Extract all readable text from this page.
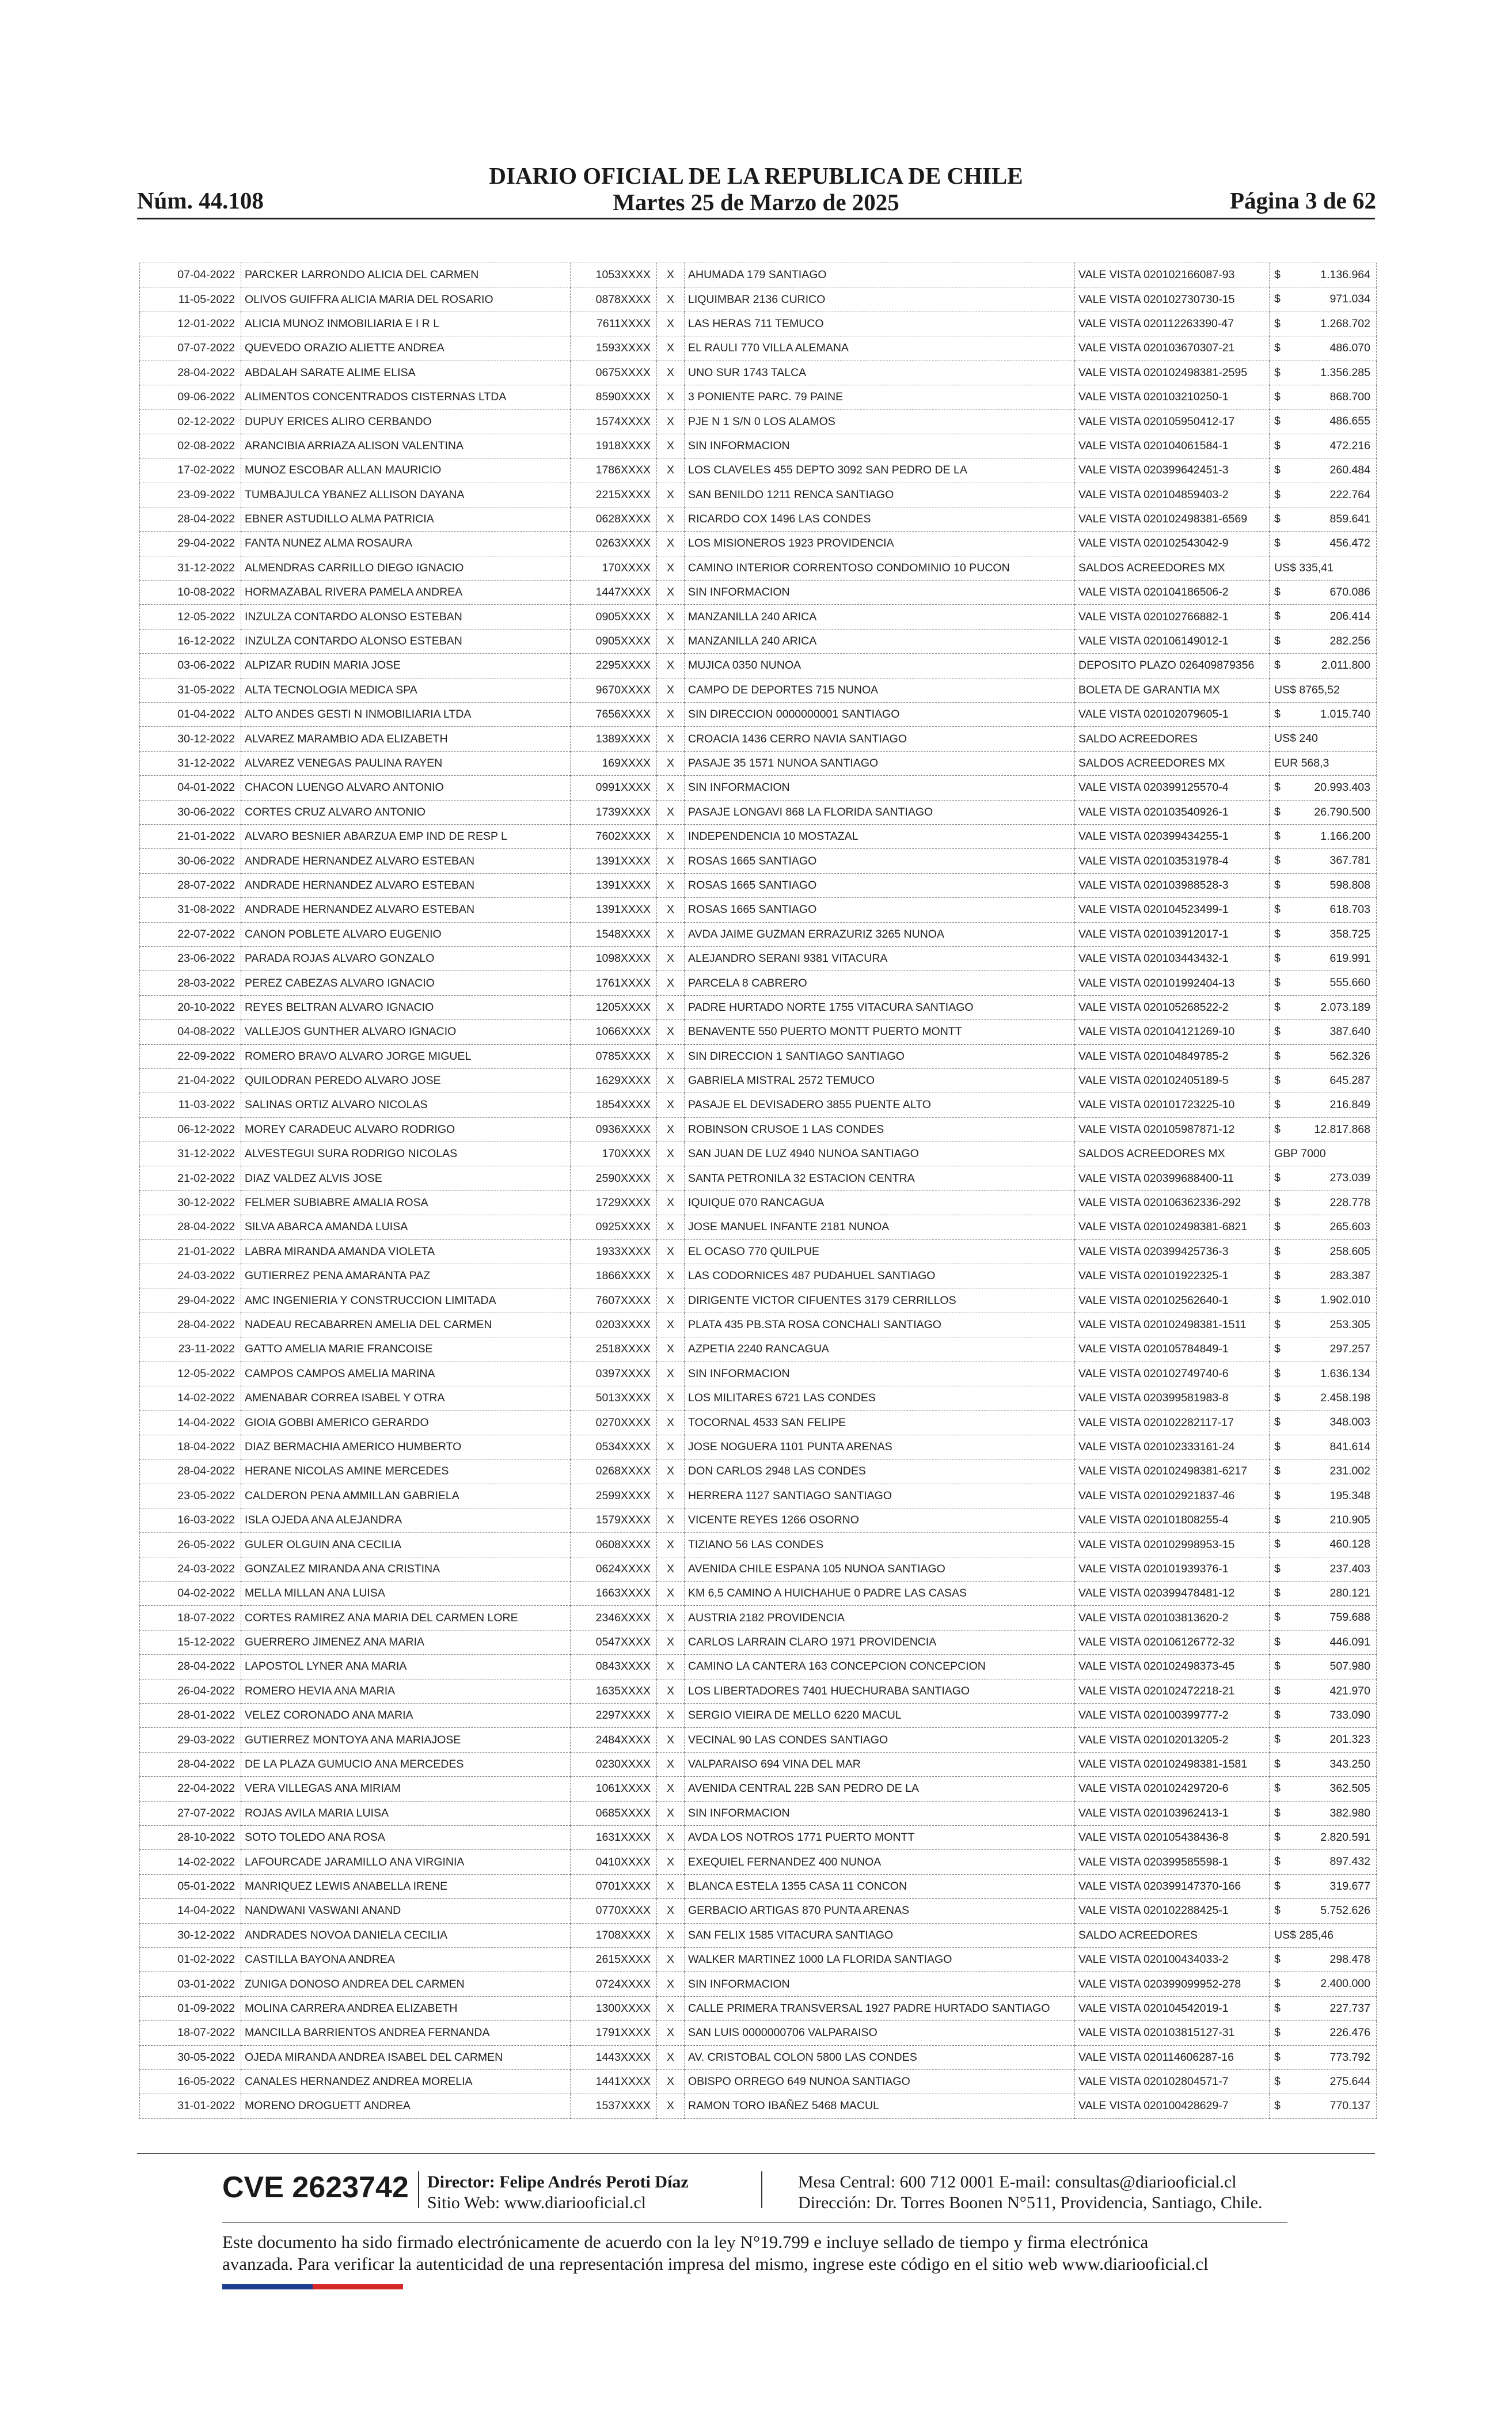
Núm. 44.108
DIARIO OFICIAL DE LA REPUBLICA DE CHILE
Martes 25 de Marzo de 2025	Página 3 de 62
07-04-2022	PARCKER LARRONDO ALICIA DEL CARMEN	1053XXXX	X	AHUMADA 179 SANTIAGO	VALE VISTA 020102166087-93	$ 1.136.964

11-05-2022	OLIVOS GUIFFRA ALICIA MARIA DEL ROSARIO	0878XXXX	X	LIQUIMBAR 2136 CURICO	VALE VISTA 020102730730-15	$ 971.034

12-01-2022	ALICIA MUNOZ INMOBILIARIA E I R L	7611XXXX	X	LAS HERAS 711 TEMUCO	VALE VISTA 020112263390-47	$ 1.268.702

07-07-2022	QUEVEDO ORAZIO ALIETTE ANDREA	1593XXXX	X	EL RAULI 770 VILLA ALEMANA	VALE VISTA 020103670307-21	$ 486.070

28-04-2022	ABDALAH SARATE ALIME ELISA	0675XXXX	X	UNO SUR 1743 TALCA	VALE VISTA 020102498381-2595	$ 1.356.285

09-06-2022	ALIMENTOS CONCENTRADOS CISTERNAS LTDA	8590XXXX	X	3 PONIENTE PARC. 79 PAINE	VALE VISTA 020103210250-1	$ 868.700

02-12-2022	DUPUY ERICES ALIRO CERBANDO	1574XXXX	X	PJE N 1 S/N 0 LOS ALAMOS	VALE VISTA 020105950412-17	$ 486.655

02-08-2022	ARANCIBIA ARRIAZA ALISON VALENTINA	1918XXXX	X	SIN INFORMACION	VALE VISTA 020104061584-1	$ 472.216

17-02-2022	MUNOZ ESCOBAR ALLAN MAURICIO	1786XXXX	X	LOS CLAVELES 455 DEPTO 3092 SAN PEDRO DE LA	VALE VISTA 020399642451-3	$ 260.484

23-09-2022	TUMBAJULCA YBANEZ ALLISON DAYANA	2215XXXX	X	SAN BENILDO 1211 RENCA SANTIAGO	VALE VISTA 020104859403-2	$ 222.764

28-04-2022	EBNER ASTUDILLO ALMA PATRICIA	0628XXXX	X	RICARDO COX 1496 LAS CONDES	VALE VISTA 020102498381-6569	$ 859.641

29-04-2022	FANTA NUNEZ ALMA ROSAURA	0263XXXX	X	LOS MISIONEROS 1923 PROVIDENCIA	VALE VISTA 020102543042-9	$ 456.472

31-12-2022	ALMENDRAS CARRILLO DIEGO IGNACIO	170XXXX	X	CAMINO INTERIOR CORRENTOSO CONDOMINIO 10 PUCON	SALDOS ACREEDORES MX	US$ 335,41

10-08-2022	HORMAZABAL RIVERA PAMELA ANDREA	1447XXXX	X	SIN INFORMACION	VALE VISTA 020104186506-2	$ 670.086

12-05-2022	INZULZA CONTARDO ALONSO ESTEBAN	0905XXXX	X	MANZANILLA 240 ARICA	VALE VISTA 020102766882-1	$ 206.414

16-12-2022	INZULZA CONTARDO ALONSO ESTEBAN	0905XXXX	X	MANZANILLA 240 ARICA	VALE VISTA 020106149012-1	$ 282.256

03-06-2022	ALPIZAR RUDIN MARIA JOSE	2295XXXX	X	MUJICA 0350 NUNOA	DEPOSITO PLAZO 026409879356	$ 2.011.800

31-05-2022	ALTA TECNOLOGIA MEDICA SPA	9670XXXX	X	CAMPO DE DEPORTES 715 NUNOA	BOLETA DE GARANTIA MX	US$ 8765,52

01-04-2022	ALTO ANDES GESTI N INMOBILIARIA LTDA	7656XXXX	X	SIN DIRECCION 0000000001 SANTIAGO	VALE VISTA 020102079605-1	$ 1.015.740

30-12-2022	ALVAREZ MARAMBIO ADA ELIZABETH	1389XXXX	X	CROACIA 1436 CERRO NAVIA SANTIAGO	SALDO ACREEDORES	US$ 240

31-12-2022	ALVAREZ VENEGAS PAULINA RAYEN	169XXXX	X	PASAJE 35 1571 NUNOA SANTIAGO	SALDOS ACREEDORES MX	EUR 568,3

04-01-2022	CHACON LUENGO ALVARO ANTONIO	0991XXXX	X	SIN INFORMACION	VALE VISTA 020399125570-4	$ 20.993.403

30-06-2022	CORTES CRUZ ALVARO ANTONIO	1739XXXX	X	PASAJE LONGAVI 868 LA FLORIDA SANTIAGO	VALE VISTA 020103540926-1	$ 26.790.500

21-01-2022	ALVARO BESNIER ABARZUA EMP IND DE RESP L	7602XXXX	X	INDEPENDENCIA 10 MOSTAZAL	VALE VISTA 020399434255-1	$ 1.166.200

30-06-2022	ANDRADE HERNANDEZ ALVARO ESTEBAN	1391XXXX	X	ROSAS 1665 SANTIAGO	VALE VISTA 020103531978-4	$ 367.781

28-07-2022	ANDRADE HERNANDEZ ALVARO ESTEBAN	1391XXXX	X	ROSAS 1665 SANTIAGO	VALE VISTA 020103988528-3	$ 598.808

31-08-2022	ANDRADE HERNANDEZ ALVARO ESTEBAN	1391XXXX	X	ROSAS 1665 SANTIAGO	VALE VISTA 020104523499-1	$ 618.703

22-07-2022	CANON POBLETE ALVARO EUGENIO	1548XXXX	X	AVDA JAIME GUZMAN ERRAZURIZ 3265 NUNOA	VALE VISTA 020103912017-1	$ 358.725

23-06-2022	PARADA ROJAS ALVARO GONZALO	1098XXXX	X	ALEJANDRO SERANI 9381 VITACURA	VALE VISTA 020103443432-1	$ 619.991

28-03-2022	PEREZ CABEZAS ALVARO IGNACIO	1761XXXX	X	PARCELA 8 CABRERO	VALE VISTA 020101992404-13	$ 555.660

20-10-2022	REYES BELTRAN ALVARO IGNACIO	1205XXXX	X	PADRE HURTADO NORTE 1755 VITACURA SANTIAGO	VALE VISTA 020105268522-2	$ 2.073.189

04-08-2022	VALLEJOS GUNTHER ALVARO IGNACIO	1066XXXX	X	BENAVENTE 550 PUERTO MONTT PUERTO MONTT	VALE VISTA 020104121269-10	$ 387.640

22-09-2022	ROMERO BRAVO ALVARO JORGE MIGUEL	0785XXXX	X	SIN DIRECCION 1 SANTIAGO SANTIAGO	VALE VISTA 020104849785-2	$ 562.326

21-04-2022	QUILODRAN PEREDO ALVARO JOSE	1629XXXX	X	GABRIELA MISTRAL 2572 TEMUCO	VALE VISTA 020102405189-5	$ 645.287

11-03-2022	SALINAS ORTIZ ALVARO NICOLAS	1854XXXX	X	PASAJE EL DEVISADERO 3855 PUENTE ALTO	VALE VISTA 020101723225-10	$ 216.849

06-12-2022	MOREY CARADEUC ALVARO RODRIGO	0936XXXX	X	ROBINSON CRUSOE 1 LAS CONDES	VALE VISTA 020105987871-12	$ 12.817.868

31-12-2022	ALVESTEGUI SURA RODRIGO NICOLAS	170XXXX	X	SAN JUAN DE LUZ 4940 NUNOA SANTIAGO	SALDOS ACREEDORES MX	GBP 7000

21-02-2022	DIAZ VALDEZ ALVIS JOSE	2590XXXX	X	SANTA PETRONILA 32 ESTACION CENTRA	VALE VISTA 020399688400-11	$ 273.039

30-12-2022	FELMER SUBIABRE AMALIA ROSA	1729XXXX	X	IQUIQUE 070 RANCAGUA	VALE VISTA 020106362336-292	$ 228.778

28-04-2022	SILVA ABARCA AMANDA LUISA	0925XXXX	X	JOSE MANUEL INFANTE 2181 NUNOA	VALE VISTA 020102498381-6821	$ 265.603

21-01-2022	LABRA MIRANDA AMANDA VIOLETA	1933XXXX	X	EL OCASO 770 QUILPUE	VALE VISTA 020399425736-3	$ 258.605

24-03-2022	GUTIERREZ PENA AMARANTA PAZ	1866XXXX	X	LAS CODORNICES 487 PUDAHUEL SANTIAGO	VALE VISTA 020101922325-1	$ 283.387

29-04-2022	AMC INGENIERIA Y CONSTRUCCION LIMITADA	7607XXXX	X	DIRIGENTE VICTOR CIFUENTES 3179 CERRILLOS	VALE VISTA 020102562640-1	$ 1.902.010

28-04-2022	NADEAU RECABARREN AMELIA DEL CARMEN	0203XXXX	X	PLATA 435 PB.STA ROSA CONCHALI SANTIAGO	VALE VISTA 020102498381-1511	$ 253.305

23-11-2022	GATTO AMELIA MARIE FRANCOISE	2518XXXX	X	AZPETIA 2240 RANCAGUA	VALE VISTA 020105784849-1	$ 297.257

12-05-2022	CAMPOS CAMPOS AMELIA MARINA	0397XXXX	X	SIN INFORMACION	VALE VISTA 020102749740-6	$ 1.636.134

14-02-2022	AMENABAR CORREA ISABEL Y OTRA	5013XXXX	X	LOS MILITARES 6721 LAS CONDES	VALE VISTA 020399581983-8	$ 2.458.198

14-04-2022	GIOIA GOBBI AMERICO GERARDO	0270XXXX	X	TOCORNAL 4533 SAN FELIPE	VALE VISTA 020102282117-17	$ 348.003

18-04-2022	DIAZ BERMACHIA AMERICO HUMBERTO	0534XXXX	X	JOSE NOGUERA 1101 PUNTA ARENAS	VALE VISTA 020102333161-24	$ 841.614

28-04-2022	HERANE NICOLAS AMINE MERCEDES	0268XXXX	X	DON CARLOS 2948 LAS CONDES	VALE VISTA 020102498381-6217	$ 231.002

23-05-2022	CALDERON PENA AMMILLAN GABRIELA	2599XXXX	X	HERRERA 1127 SANTIAGO SANTIAGO	VALE VISTA 020102921837-46	$ 195.348

16-03-2022	ISLA OJEDA ANA ALEJANDRA	1579XXXX	X	VICENTE REYES 1266 OSORNO	VALE VISTA 020101808255-4	$ 210.905

26-05-2022	GULER OLGUIN ANA CECILIA	0608XXXX	X	TIZIANO 56 LAS CONDES	VALE VISTA 020102998953-15	$ 460.128

24-03-2022	GONZALEZ MIRANDA ANA CRISTINA	0624XXXX	X	AVENIDA CHILE ESPANA 105 NUNOA SANTIAGO	VALE VISTA 020101939376-1	$ 237.403

04-02-2022	MELLA MILLAN ANA LUISA	1663XXXX	X	KM 6,5 CAMINO A HUICHAHUE 0 PADRE LAS CASAS	VALE VISTA 020399478481-12	$ 280.121

18-07-2022	CORTES RAMIREZ ANA MARIA DEL CARMEN LORE	2346XXXX	X	AUSTRIA 2182 PROVIDENCIA	VALE VISTA 020103813620-2	$ 759.688

15-12-2022	GUERRERO JIMENEZ ANA MARIA	0547XXXX	X	CARLOS LARRAIN CLARO 1971 PROVIDENCIA	VALE VISTA 020106126772-32	$ 446.091

28-04-2022	LAPOSTOL LYNER ANA MARIA	0843XXXX	X	CAMINO LA CANTERA 163 CONCEPCION CONCEPCION	VALE VISTA 020102498373-45	$ 507.980

26-04-2022	ROMERO HEVIA ANA MARIA	1635XXXX	X	LOS LIBERTADORES 7401 HUECHURABA SANTIAGO	VALE VISTA 020102472218-21	$ 421.970

28-01-2022	VELEZ CORONADO ANA MARIA	2297XXXX	X	SERGIO VIEIRA DE MELLO 6220 MACUL	VALE VISTA 020100399777-2	$ 733.090

29-03-2022	GUTIERREZ MONTOYA ANA MARIAJOSE	2484XXXX	X	VECINAL 90 LAS CONDES SANTIAGO	VALE VISTA 020102013205-2	$ 201.323

28-04-2022	DE LA PLAZA GUMUCIO ANA MERCEDES	0230XXXX	X	VALPARAISO 694 VINA DEL MAR	VALE VISTA 020102498381-1581	$ 343.250

22-04-2022	VERA VILLEGAS ANA MIRIAM	1061XXXX	X	AVENIDA CENTRAL 22B SAN PEDRO DE LA	VALE VISTA 020102429720-6	$ 362.505

27-07-2022	ROJAS AVILA MARIA LUISA	0685XXXX	X	SIN INFORMACION	VALE VISTA 020103962413-1	$ 382.980

28-10-2022	SOTO TOLEDO ANA ROSA	1631XXXX	X	AVDA LOS NOTROS 1771 PUERTO MONTT	VALE VISTA 020105438436-8	$ 2.820.591

14-02-2022	LAFOURCADE JARAMILLO ANA VIRGINIA	0410XXXX	X	EXEQUIEL FERNANDEZ 400 NUNOA	VALE VISTA 020399585598-1	$ 897.432

05-01-2022	MANRIQUEZ LEWIS ANABELLA IRENE	0701XXXX	X	BLANCA ESTELA 1355 CASA 11 CONCON	VALE VISTA 020399147370-166	$ 319.677

14-04-2022	NANDWANI VASWANI ANAND	0770XXXX	X	GERBACIO ARTIGAS 870 PUNTA ARENAS	VALE VISTA 020102288425-1	$ 5.752.626

30-12-2022	ANDRADES NOVOA DANIELA CECILIA	1708XXXX	X	SAN FELIX 1585 VITACURA SANTIAGO	SALDO ACREEDORES	US$ 285,46

01-02-2022	CASTILLA BAYONA ANDREA	2615XXXX	X	WALKER MARTINEZ 1000 LA FLORIDA SANTIAGO	VALE VISTA 020100434033-2	$ 298.478

03-01-2022	ZUNIGA DONOSO ANDREA DEL CARMEN	0724XXXX	X	SIN INFORMACION	VALE VISTA 020399099952-278	$ 2.400.000

01-09-2022	MOLINA CARRERA ANDREA ELIZABETH	1300XXXX	X	CALLE PRIMERA TRANSVERSAL 1927 PADRE HURTADO SANTIAGO	VALE VISTA 020104542019-1	$ 227.737

18-07-2022	MANCILLA BARRIENTOS ANDREA FERNANDA	1791XXXX	X	SAN LUIS 0000000706 VALPARAISO	VALE VISTA 020103815127-31	$ 226.476

30-05-2022	OJEDA MIRANDA ANDREA ISABEL DEL CARMEN	1443XXXX	X	AV. CRISTOBAL COLON 5800 LAS CONDES	VALE VISTA 020114606287-16	$ 773.792

16-05-2022	CANALES HERNANDEZ ANDREA MORELIA	1441XXXX	X	OBISPO ORREGO 649 NUNOA SANTIAGO	VALE VISTA 020102804571-7	$ 275.644

31-01-2022	MORENO DROGUETT ANDREA	1537XXXX	X	RAMON TORO IBAÑEZ 5468 MACUL	VALE VISTA 020100428629-7	$ 770.137
CVE 2623742 Director: Felipe Andrés Peroti Díaz
Sitio Web: www.diariooficial.cl
Mesa Central: 600 712 0001 E-mail: consultas@diariooficial.cl
Dirección: Dr. Torres Boonen N°511, Providencia, Santiago, Chile.
Este documento ha sido firmado electrónicamente de acuerdo con la ley N°19.799 e incluye sellado de tiempo y firma electrónica
avanzada. Para verificar la autenticidad de una representación impresa del mismo, ingrese este código en el sitio web www.diariooficial.cl
